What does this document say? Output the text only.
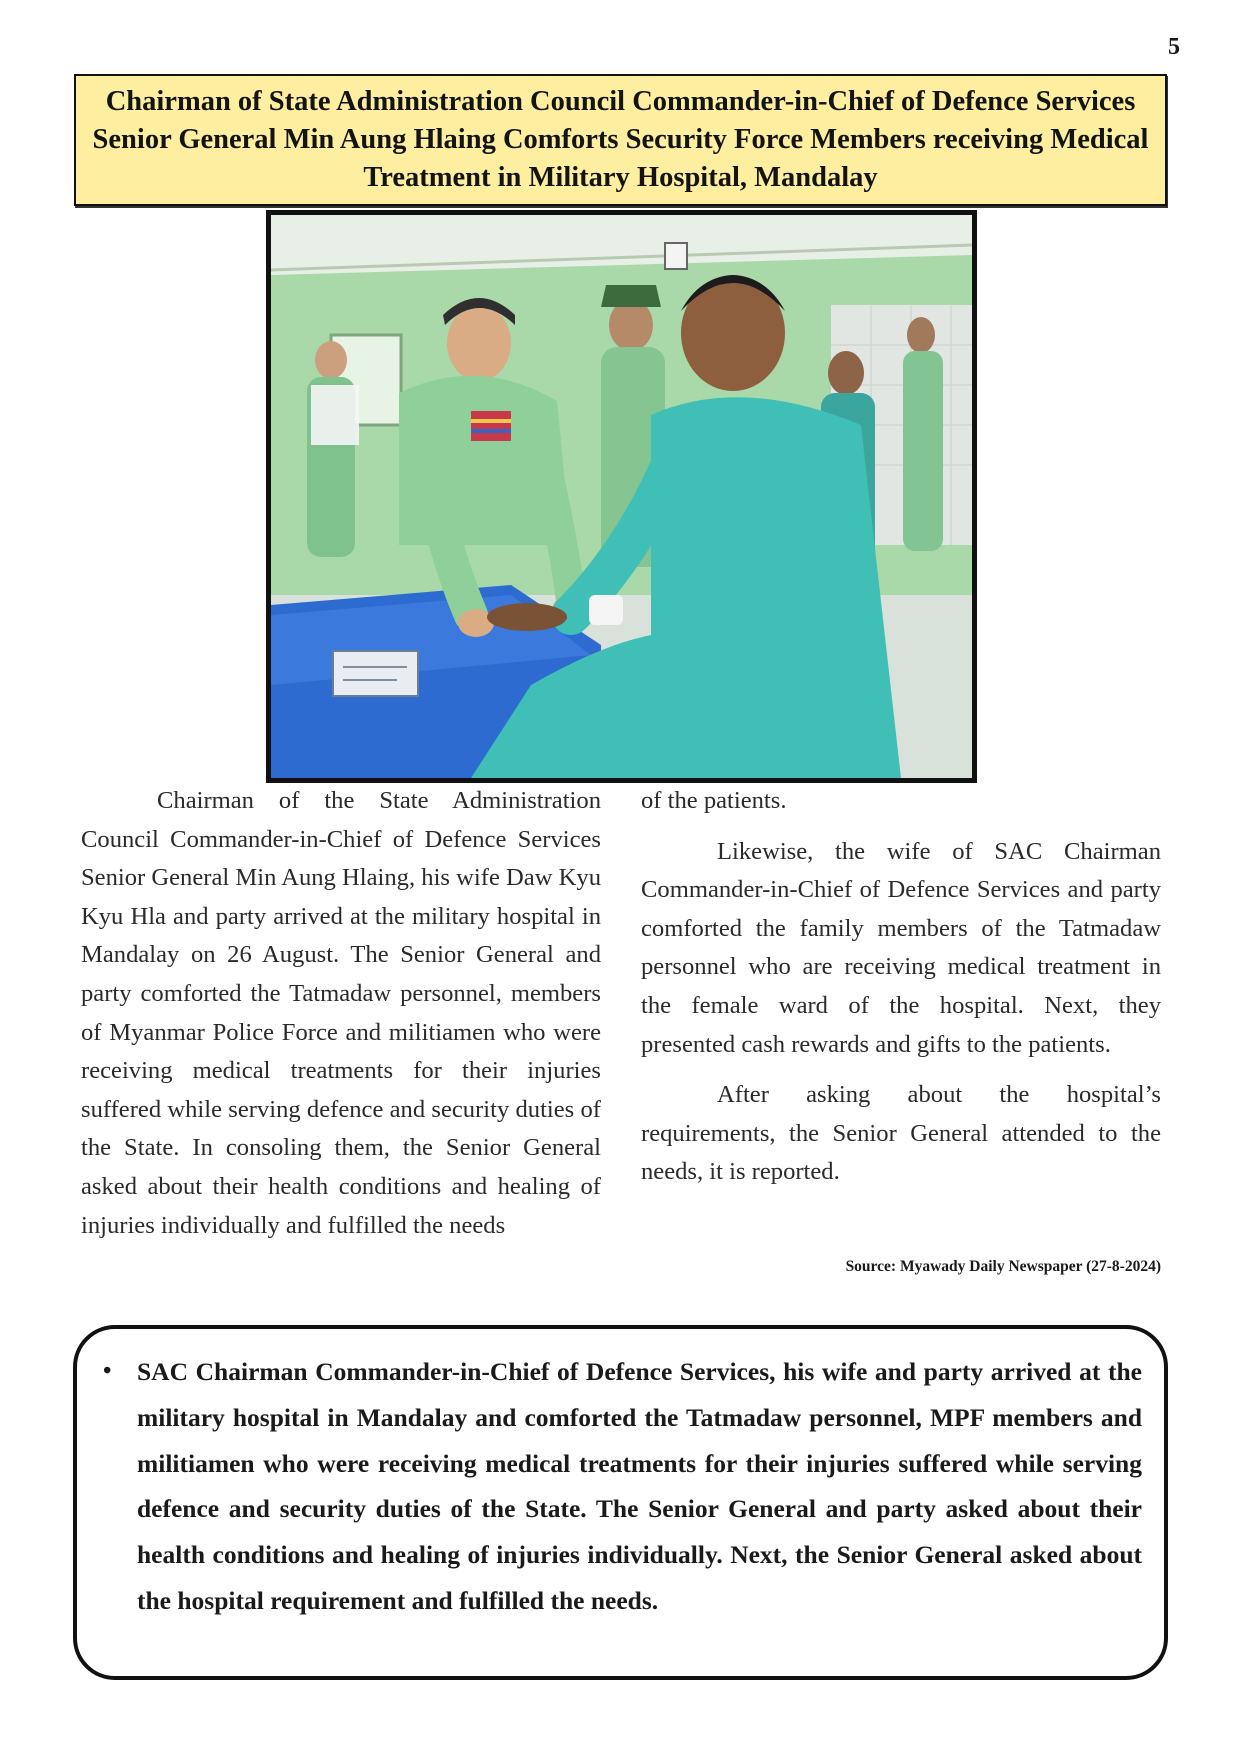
5
Chairman of State Administration Council Commander-in-Chief of Defence Services Senior General Min Aung Hlaing Comforts Security Force Members receiving Medical Treatment in Military Hospital, Mandalay

Chairman of the State Administration Council Commander-in-Chief of Defence Services Senior General Min Aung Hlaing, his wife Daw Kyu Kyu Hla and party arrived at the military hospital in Mandalay on 26 August. The Senior General and party comforted the Tatmadaw personnel, members of Myanmar Police Force and militiamen who were receiving medical treatments for their injuries suffered while serving defence and security duties of the State. In consoling them, the Senior General asked about their health conditions and healing of injuries individually and fulfilled the needs

of the patients.

Likewise, the wife of SAC Chairman Commander-in-Chief of Defence Services and party comforted the family members of the Tatmadaw personnel who are receiving medical treatment in the female ward of the hospital. Next, they presented cash rewards and gifts to the patients.

After asking about the hospital’s requirements, the Senior General attended to the needs, it is reported.

Source: Myawady Daily Newspaper (27-8-2024)
• SAC Chairman Commander-in-Chief of Defence Services, his wife and party arrived at the military hospital in Mandalay and comforted the Tatmadaw personnel, MPF members and militiamen who were receiving medical treatments for their injuries suffered while serving defence and security duties of the State. The Senior General and party asked about their health conditions and healing of injuries individually. Next, the Senior General asked about the hospital requirement and fulfilled the needs.
